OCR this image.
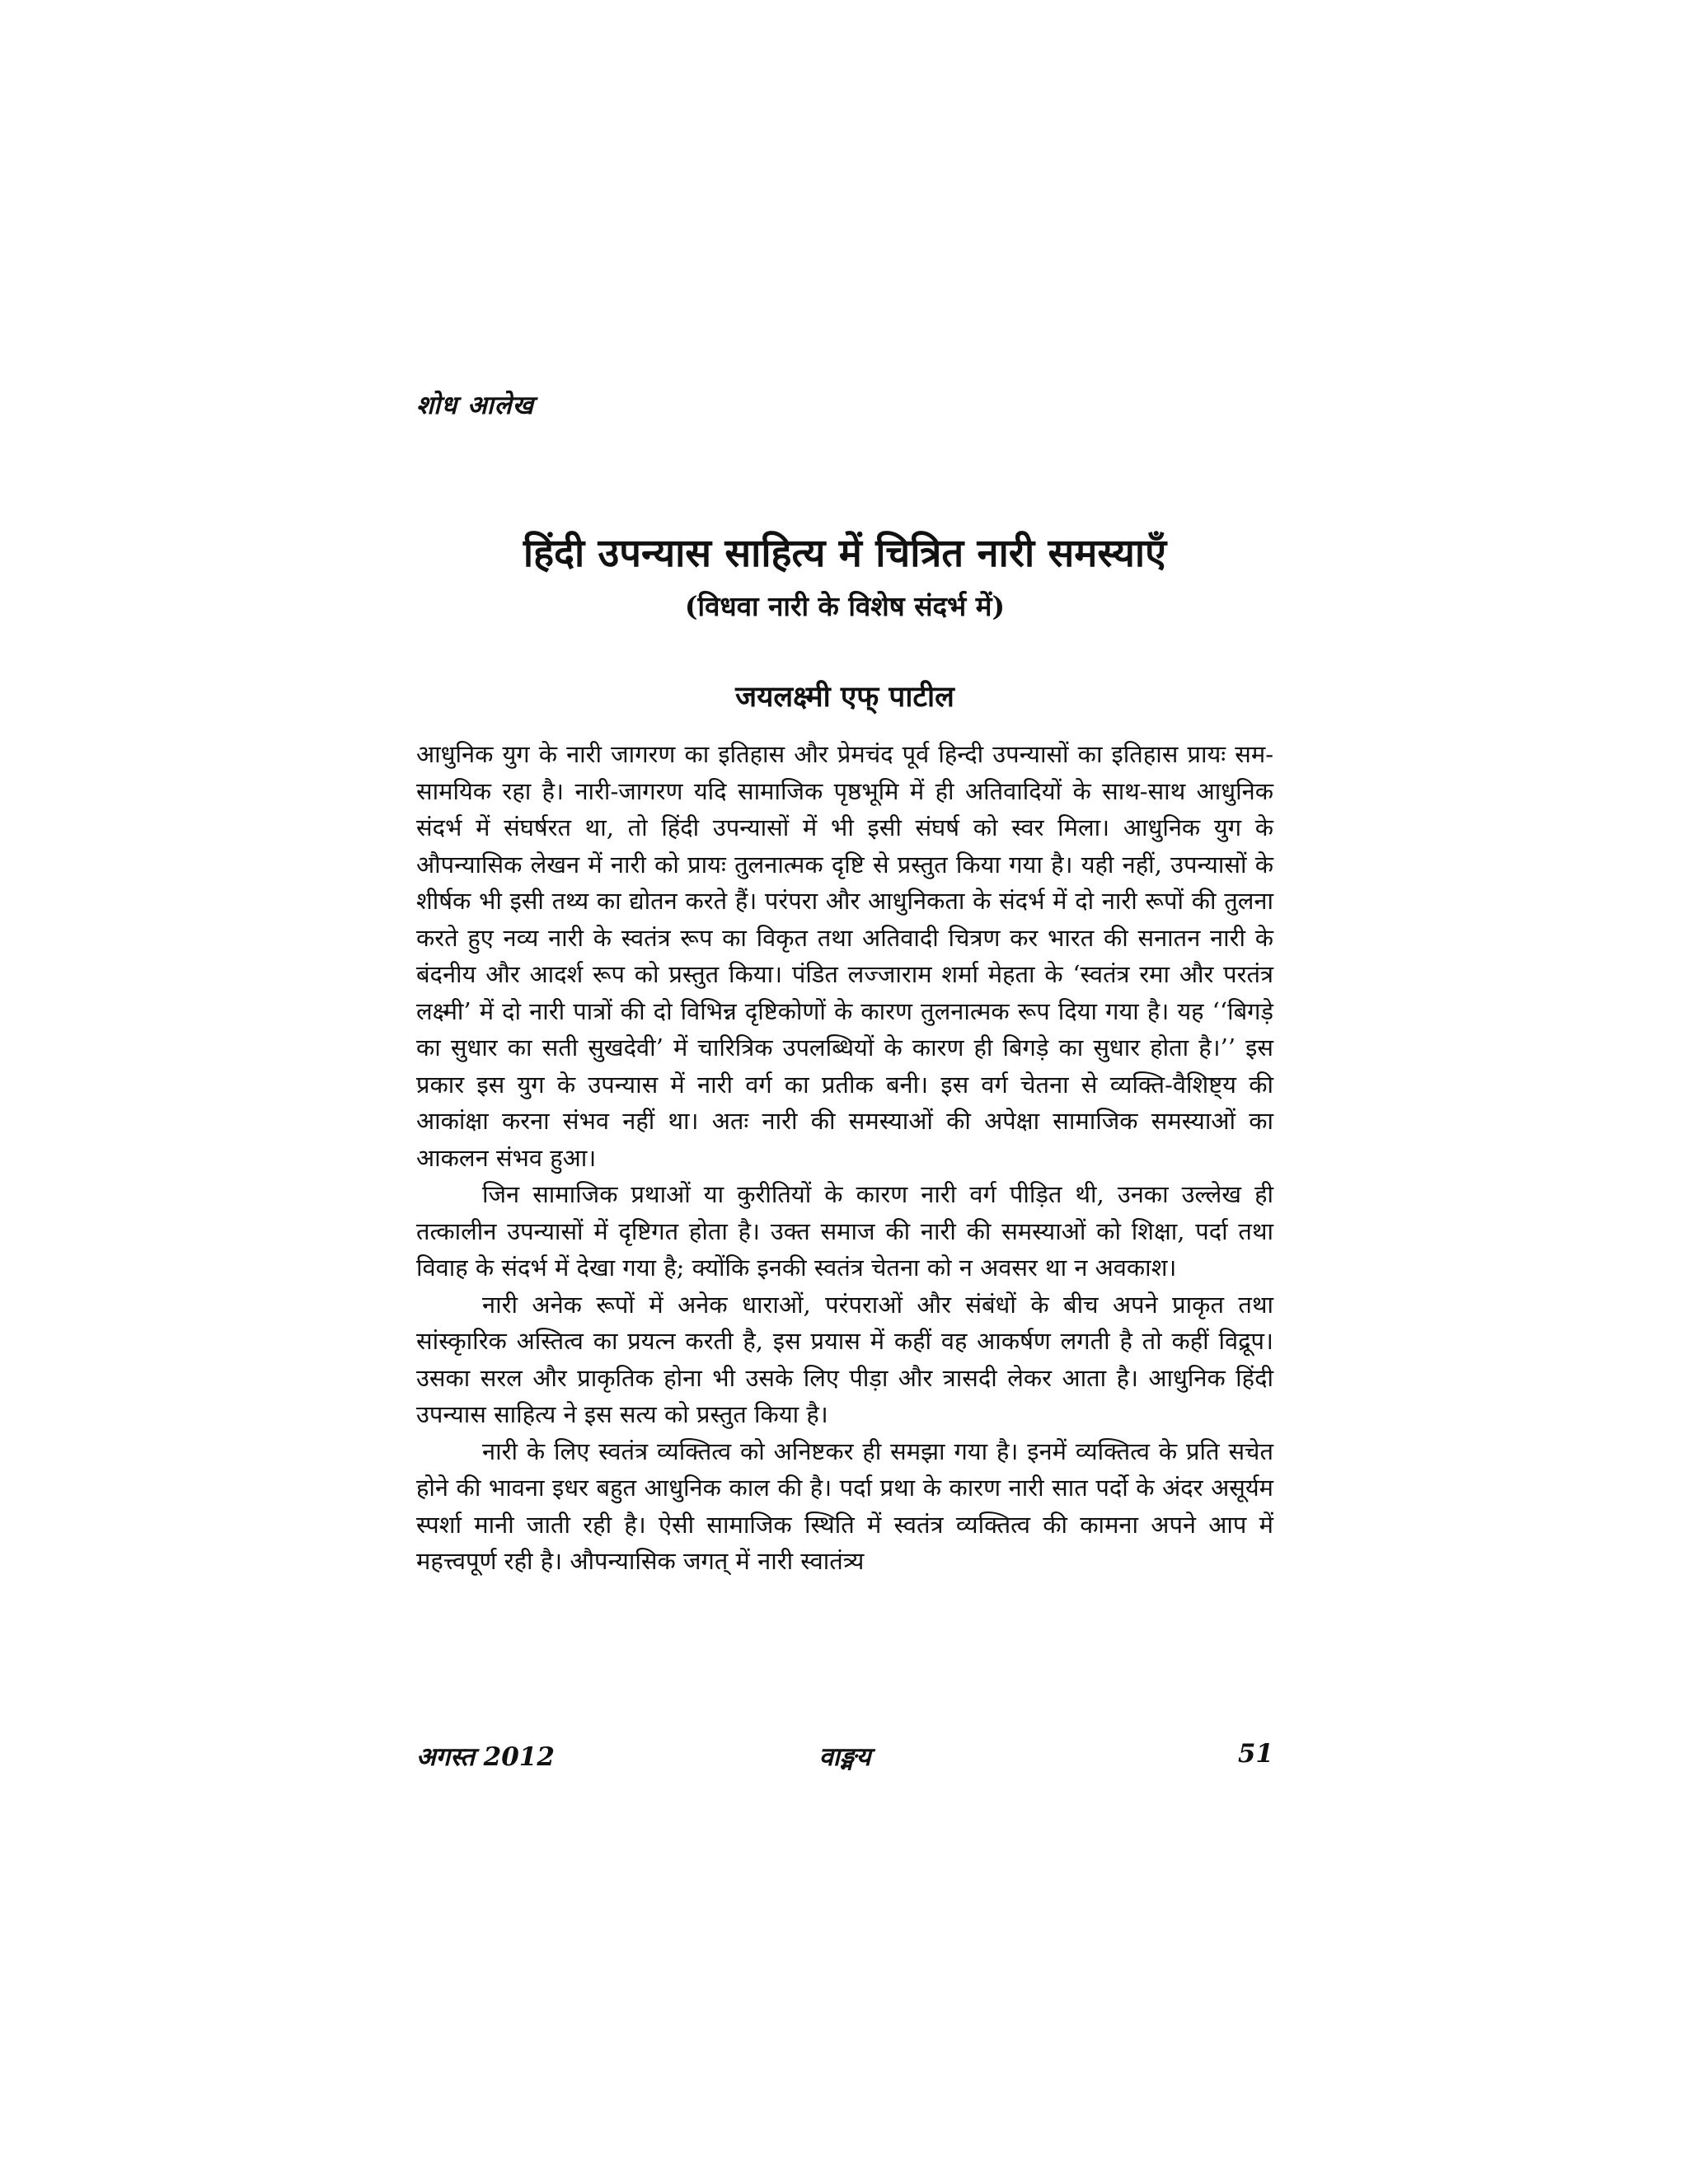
शोध आलेख
हिंदी उपन्यास साहित्य में चित्रित नारी समस्याएँ
(विधवा नारी के विशेष संदर्भ में)
जयलक्ष्मी एफ् पाटील

आधुनिक युग के नारी जागरण का इतिहास और प्रेमचंद पूर्व हिन्दी उपन्यासों का इतिहास प्रायः सम-सामयिक रहा है। नारी-जागरण यदि सामाजिक पृष्ठभूमि में ही अतिवादियों के साथ-साथ आधुनिक संदर्भ में संघर्षरत था, तो हिंदी उपन्यासों में भी इसी संघर्ष को स्वर मिला। आधुनिक युग के औपन्यासिक लेखन में नारी को प्रायः तुलनात्मक दृष्टि से प्रस्तुत किया गया है। यही नहीं, उपन्यासों के शीर्षक भी इसी तथ्य का द्योतन करते हैं। परंपरा और आधुनिकता के संदर्भ में दो नारी रूपों की तुलना करते हुए नव्य नारी के स्वतंत्र रूप का विकृत तथा अतिवादी चित्रण कर भारत की सनातन नारी के बंदनीय और आदर्श रूप को प्रस्तुत किया। पंडित लज्जाराम शर्मा मेहता के ‘स्वतंत्र रमा और परतंत्र लक्ष्मी’ में दो नारी पात्रों की दो विभिन्न दृष्टिकोणों के कारण तुलनात्मक रूप दिया गया है। यह ‘‘बिगड़े का सुधार का सती सुखदेवी’ में चारित्रिक उपलब्धियों के कारण ही बिगड़े का सुधार होता है।’’ इस प्रकार इस युग के उपन्यास में नारी वर्ग का प्रतीक बनी। इस वर्ग चेतना से व्यक्ति-वैशिष्ट्य की आकांक्षा करना संभव नहीं था। अतः नारी की समस्याओं की अपेक्षा सामाजिक समस्याओं का आकलन संभव हुआ।

जिन सामाजिक प्रथाओं या कुरीतियों के कारण नारी वर्ग पीड़ित थी, उनका उल्लेख ही तत्कालीन उपन्यासों में दृष्टिगत होता है। उक्त समाज की नारी की समस्याओं को शिक्षा, पर्दा तथा विवाह के संदर्भ में देखा गया है; क्योंकि इनकी स्वतंत्र चेतना को न अवसर था न अवकाश।

नारी अनेक रूपों में अनेक धाराओं, परंपराओं और संबंधों के बीच अपने प्राकृत तथा सांस्कृारिक अस्तित्व का प्रयत्न करती है, इस प्रयास में कहीं वह आकर्षण लगती है तो कहीं विद्रूप। उसका सरल और प्राकृतिक होना भी उसके लिए पीड़ा और त्रासदी लेकर आता है। आधुनिक हिंदी उपन्यास साहित्य ने इस सत्य को प्रस्तुत किया है।

नारी के लिए स्वतंत्र व्यक्तित्व को अनिष्टकर ही समझा गया है। इनमें व्यक्तित्व के प्रति सचेत होने की भावना इधर बहुत आधुनिक काल की है। पर्दा प्रथा के कारण नारी सात पर्दो के अंदर असूर्यम स्पर्शा मानी जाती रही है। ऐसी सामाजिक स्थिति में स्वतंत्र व्यक्तित्व की कामना अपने आप में महत्त्वपूर्ण रही है। औपन्यासिक जगत् में नारी स्वातंत्र्य

अगस्त 2012	वाङ्मय	51
